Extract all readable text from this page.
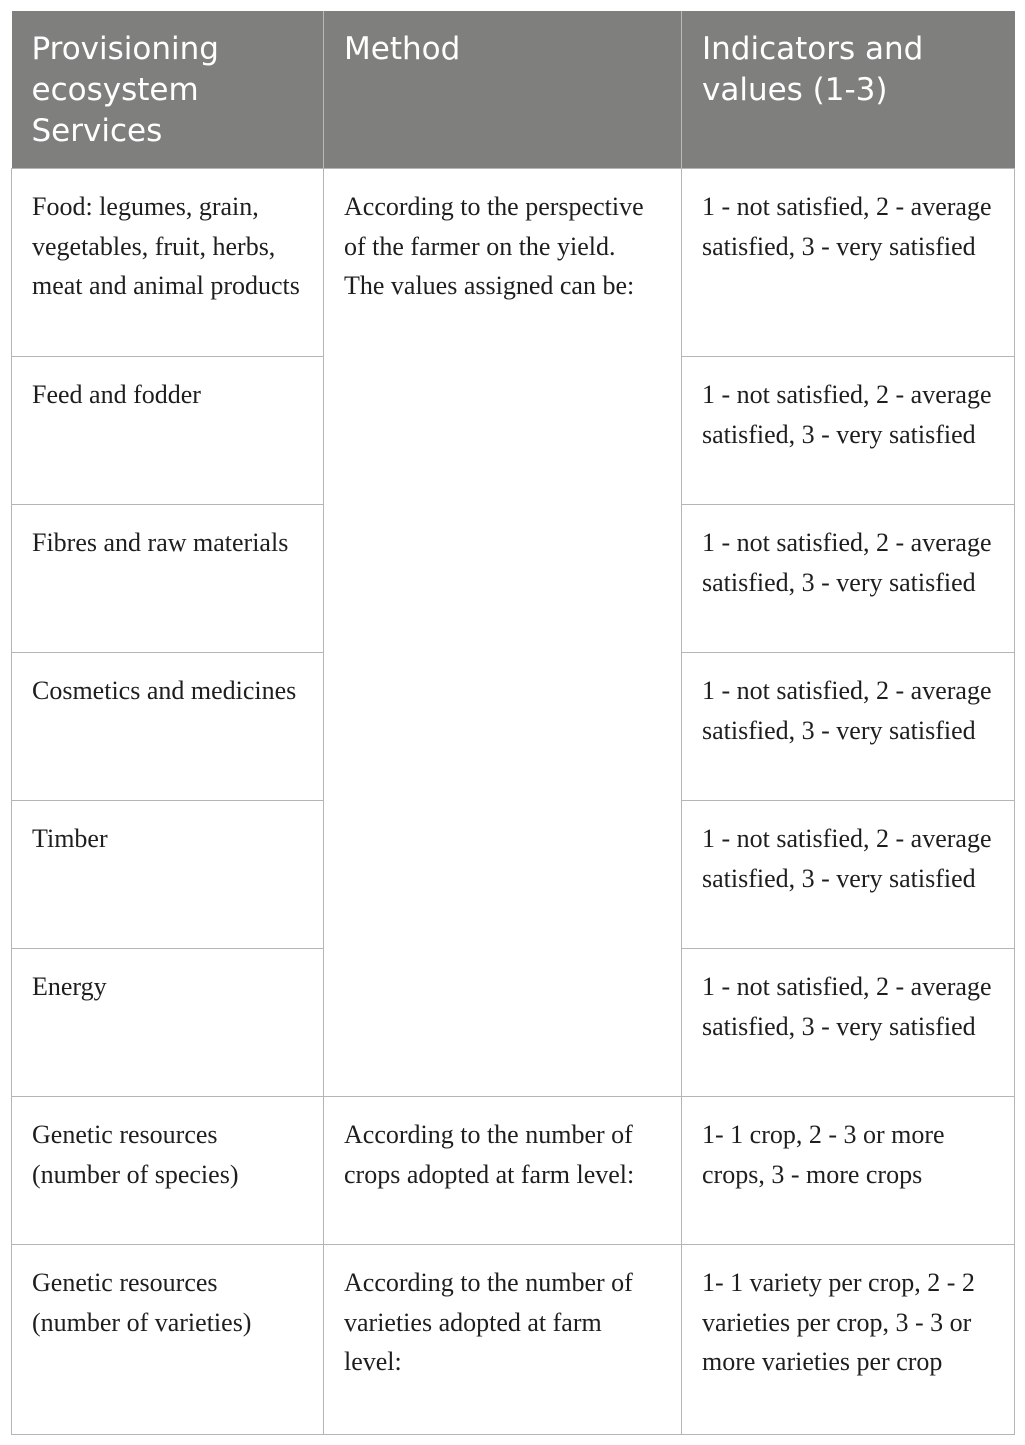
Provisioning ecosystem Services	Method	Indicators and values (1-3)
Food: legumes, grain, vegetables, fruit, herbs, meat and animal products	According to the perspective of the farmer on the yield. The values assigned can be:	1 - not satisfied, 2 - average satisfied, 3 - very satisfied
Feed and fodder		1 - not satisfied, 2 - average satisfied, 3 - very satisfied
Fibres and raw materials		1 - not satisfied, 2 - average satisfied, 3 - very satisfied
Cosmetics and medicines		1 - not satisfied, 2 - average satisfied, 3 - very satisfied
Timber		1 - not satisfied, 2 - average satisfied, 3 - very satisfied
Energy		1 - not satisfied, 2 - average satisfied, 3 - very satisfied
Genetic resources (number of species)	According to the number of crops adopted at farm level:	1- 1 crop, 2 - 3 or more crops, 3 - more crops
Genetic resources (number of varieties)	According to the number of varieties adopted at farm level:	1- 1 variety per crop, 2 - 2 varieties per crop, 3 - 3 or more varieties per crop
